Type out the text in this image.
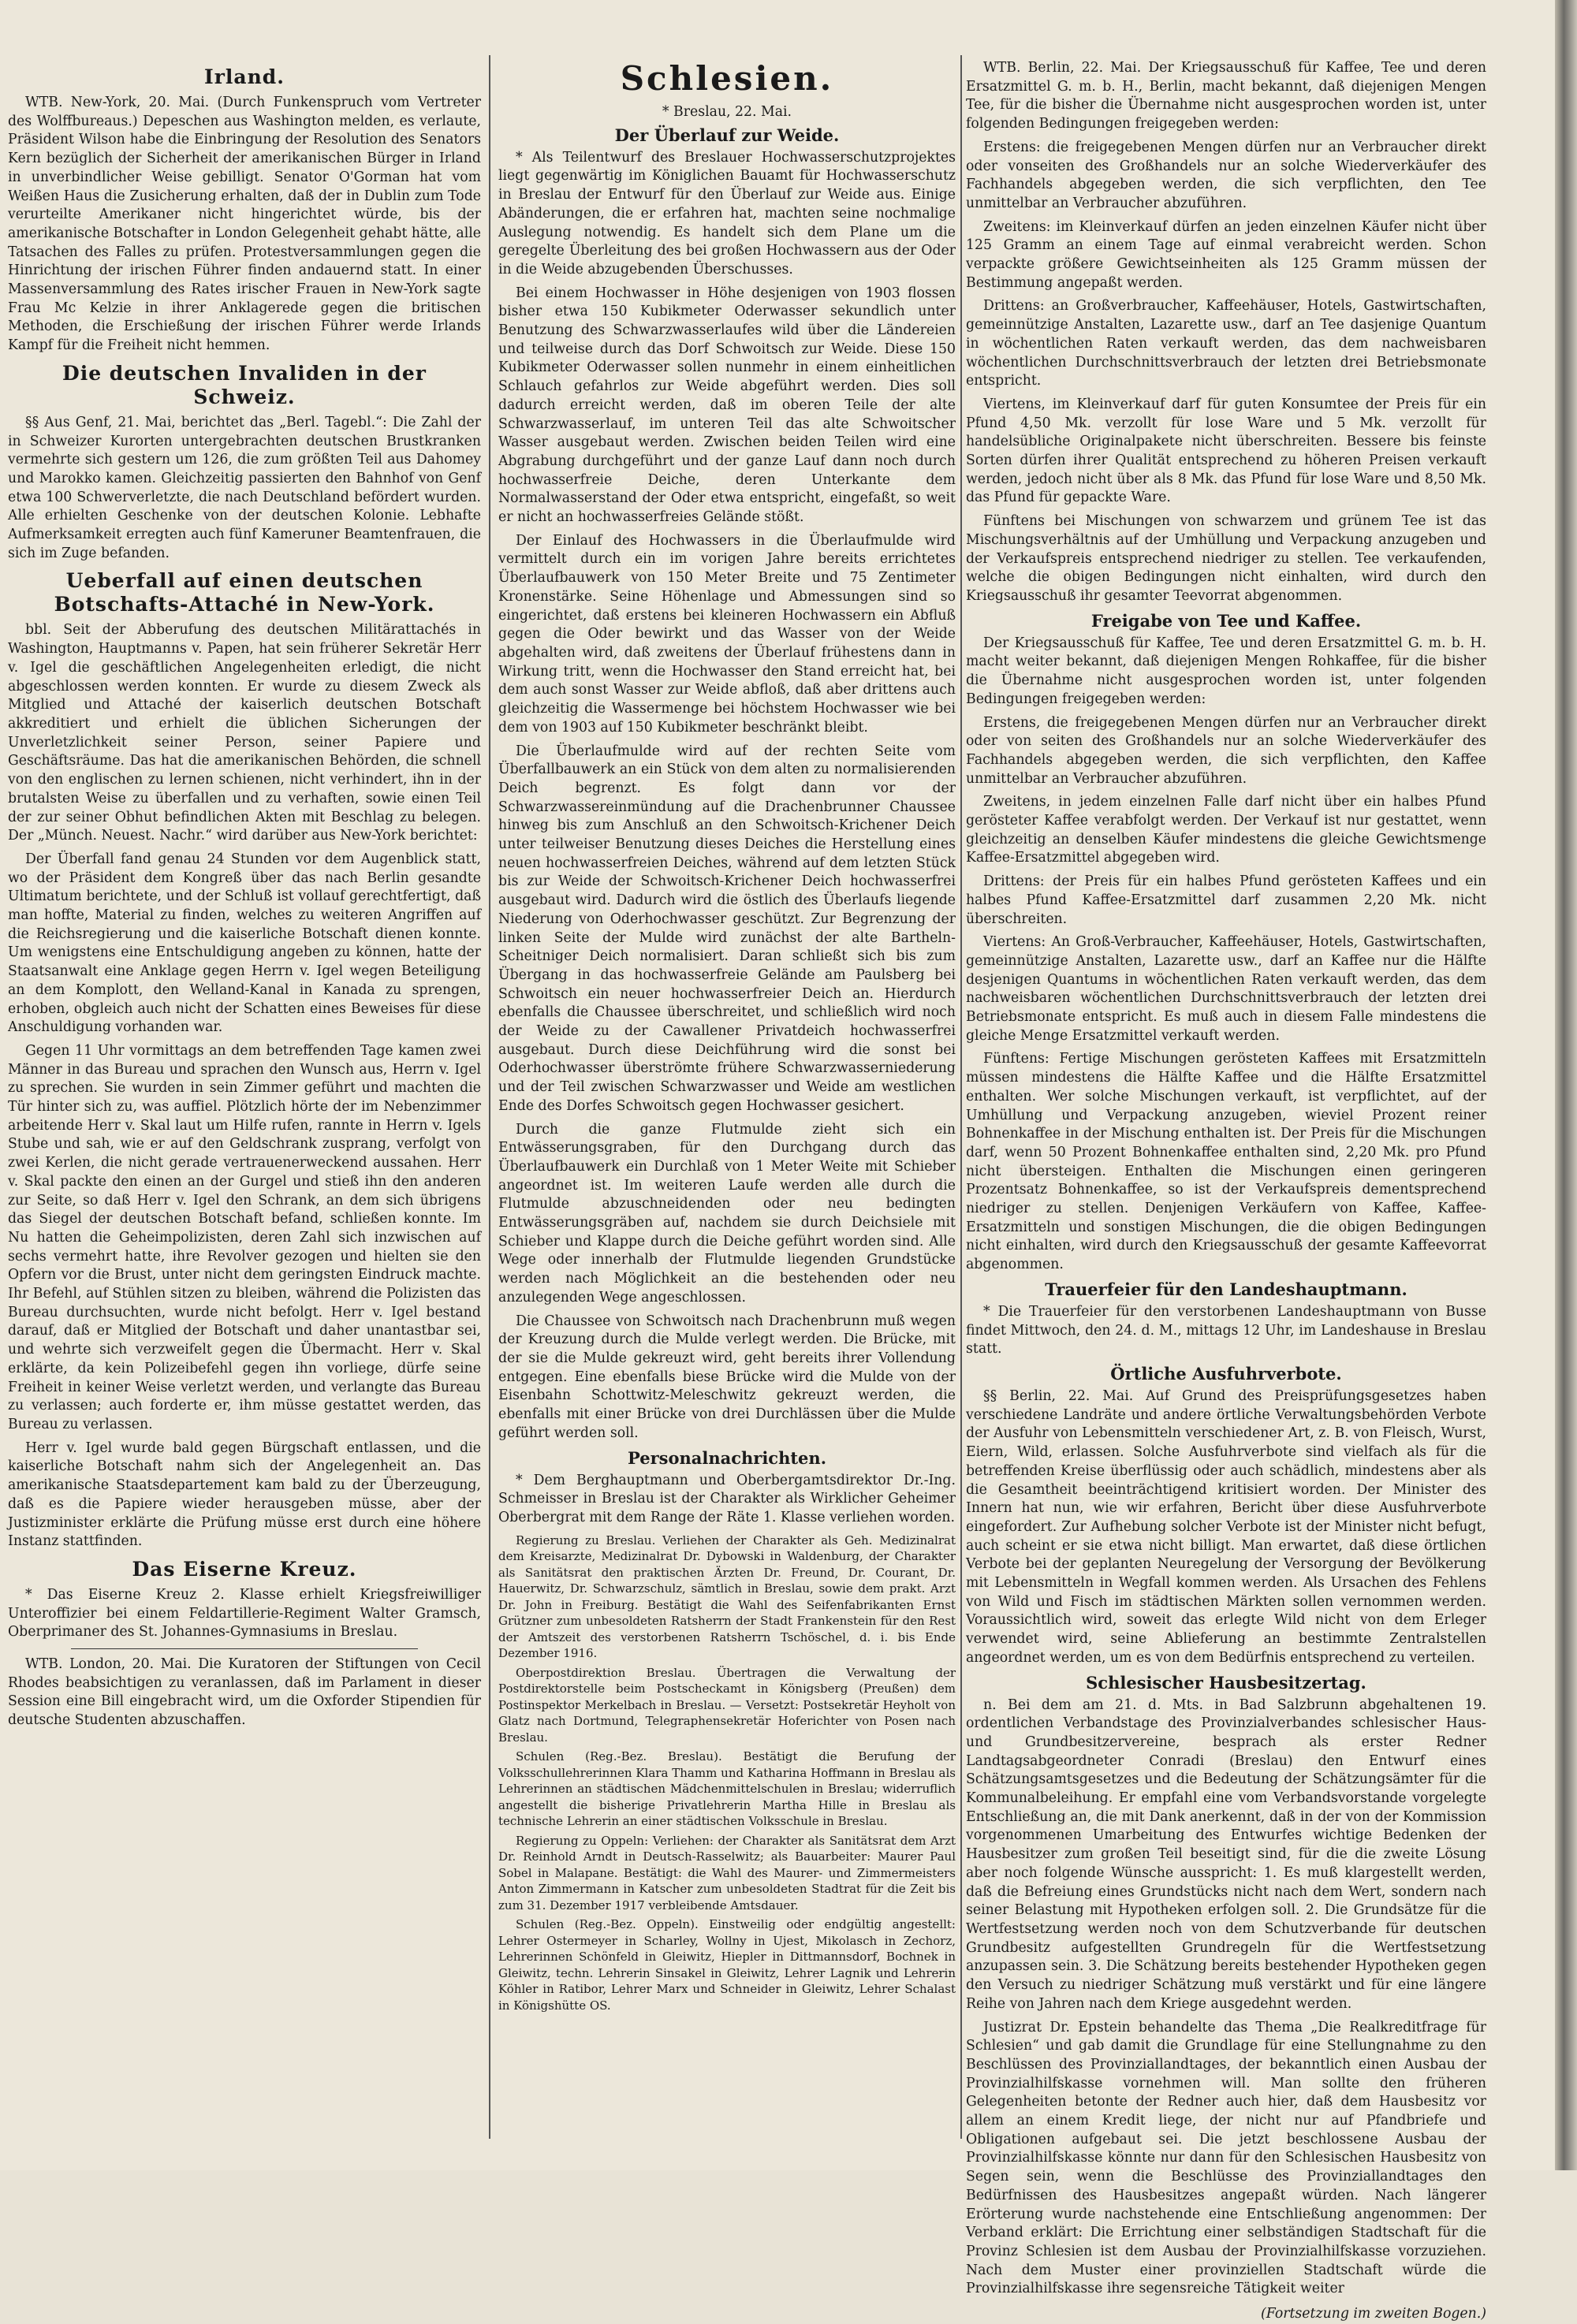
Irland.

WTB. New-York, 20. Mai. (Durch Funkenspruch vom Vertreter des Wolffbureaus.) Depeschen aus Washington melden, es verlaute, Präsident Wilson habe die Einbringung der Resolution des Senators Kern bezüglich der Sicherheit der amerikanischen Bürger in Irland in unverbindlicher Weise gebilligt. Senator O'Gorman hat vom Weißen Haus die Zusicherung erhalten, daß der in Dublin zum Tode verurteilte Amerikaner nicht hingerichtet würde, bis der amerikanische Botschafter in London Gelegenheit gehabt hätte, alle Tatsachen des Falles zu prüfen. Protestversammlungen gegen die Hinrichtung der irischen Führer finden andauernd statt. In einer Massenversammlung des Rates irischer Frauen in New-York sagte Frau Mc Kelzie in ihrer Anklagerede gegen die britischen Methoden, die Erschießung der irischen Führer werde Irlands Kampf für die Freiheit nicht hemmen.

Die deutschen Invaliden in der Schweiz.

§§ Aus Genf, 21. Mai, berichtet das „Berl. Tagebl.“: Die Zahl der in Schweizer Kurorten untergebrachten deutschen Brustkranken vermehrte sich gestern um 126, die zum größten Teil aus Dahomey und Marokko kamen. Gleichzeitig passierten den Bahnhof von Genf etwa 100 Schwerverletzte, die nach Deutschland befördert wurden. Alle erhielten Geschenke von der deutschen Kolonie. Lebhafte Aufmerksamkeit erregten auch fünf Kameruner Beamtenfrauen, die sich im Zuge befanden.

Ueberfall auf einen deutschen Botschafts-Attaché in New-York.

bbl. Seit der Abberufung des deutschen Militärattachés in Washington, Hauptmanns v. Papen, hat sein früherer Sekretär Herr v. Igel die geschäftlichen Angelegenheiten erledigt, die nicht abgeschlossen werden konnten. Er wurde zu diesem Zweck als Mitglied und Attaché der kaiserlich deutschen Botschaft akkreditiert und erhielt die üblichen Sicherungen der Unverletzlichkeit seiner Person, seiner Papiere und Geschäftsräume. Das hat die amerikanischen Behörden, die schnell von den englischen zu lernen schienen, nicht verhindert, ihn in der brutalsten Weise zu überfallen und zu verhaften, sowie einen Teil der zur seiner Obhut befindlichen Akten mit Beschlag zu belegen. Der „Münch. Neuest. Nachr.“ wird darüber aus New-York berichtet:

Der Überfall fand genau 24 Stunden vor dem Augenblick statt, wo der Präsident dem Kongreß über das nach Berlin gesandte Ultimatum berichtete, und der Schluß ist vollauf gerechtfertigt, daß man hoffte, Material zu finden, welches zu weiteren Angriffen auf die Reichsregierung und die kaiserliche Botschaft dienen konnte. Um wenigstens eine Entschuldigung angeben zu können, hatte der Staatsanwalt eine Anklage gegen Herrn v. Igel wegen Beteiligung an dem Komplott, den Welland-Kanal in Kanada zu sprengen, erhoben, obgleich auch nicht der Schatten eines Beweises für diese Anschuldigung vorhanden war.

Gegen 11 Uhr vormittags an dem betreffenden Tage kamen zwei Männer in das Bureau und sprachen den Wunsch aus, Herrn v. Igel zu sprechen. Sie wurden in sein Zimmer geführt und machten die Tür hinter sich zu, was auffiel. Plötzlich hörte der im Nebenzimmer arbeitende Herr v. Skal laut um Hilfe rufen, rannte in Herrn v. Igels Stube und sah, wie er auf den Geldschrank zusprang, verfolgt von zwei Kerlen, die nicht gerade vertrauenerweckend aussahen. Herr v. Skal packte den einen an der Gurgel und stieß ihn den anderen zur Seite, so daß Herr v. Igel den Schrank, an dem sich übrigens das Siegel der deutschen Botschaft befand, schließen konnte. Im Nu hatten die Geheimpolizisten, deren Zahl sich inzwischen auf sechs vermehrt hatte, ihre Revolver gezogen und hielten sie den Opfern vor die Brust, unter nicht dem geringsten Eindruck machte. Ihr Befehl, auf Stühlen sitzen zu bleiben, während die Polizisten das Bureau durchsuchten, wurde nicht befolgt. Herr v. Igel bestand darauf, daß er Mitglied der Botschaft und daher unantastbar sei, und wehrte sich verzweifelt gegen die Übermacht. Herr v. Skal erklärte, da kein Polizeibefehl gegen ihn vorliege, dürfe seine Freiheit in keiner Weise verletzt werden, und verlangte das Bureau zu verlassen; auch forderte er, ihm müsse gestattet werden, das Bureau zu verlassen.

Herr v. Igel wurde bald gegen Bürgschaft entlassen, und die kaiserliche Botschaft nahm sich der Angelegenheit an. Das amerikanische Staatsdepartement kam bald zu der Überzeugung, daß es die Papiere wieder herausgeben müsse, aber der Justizminister erklärte die Prüfung müsse erst durch eine höhere Instanz stattfinden.

Das Eiserne Kreuz.

* Das Eiserne Kreuz 2. Klasse erhielt Kriegsfreiwilliger Unteroffizier bei einem Feldartillerie-Regiment Walter Gramsch, Oberprimaner des St. Johannes-Gymnasiums in Breslau.

WTB. London, 20. Mai. Die Kuratoren der Stiftungen von Cecil Rhodes beabsichtigen zu veranlassen, daß im Parlament in dieser Session eine Bill eingebracht wird, um die Oxforder Stipendien für deutsche Studenten abzuschaffen.

Schlesien.
* Breslau, 22. Mai.
Der Überlauf zur Weide.

* Als Teilentwurf des Breslauer Hochwasserschutzprojektes liegt gegenwärtig im Königlichen Bauamt für Hochwasserschutz in Breslau der Entwurf für den Überlauf zur Weide aus. Einige Abänderungen, die er erfahren hat, machten seine nochmalige Auslegung notwendig. Es handelt sich dem Plane um die geregelte Überleitung des bei großen Hochwassern aus der Oder in die Weide abzugebenden Überschusses.

Bei einem Hochwasser in Höhe desjenigen von 1903 flossen bisher etwa 150 Kubikmeter Oderwasser sekundlich unter Benutzung des Schwarzwasserlaufes wild über die Ländereien und teilweise durch das Dorf Schwoitsch zur Weide. Diese 150 Kubikmeter Oderwasser sollen nunmehr in einem einheitlichen Schlauch gefahrlos zur Weide abgeführt werden. Dies soll dadurch erreicht werden, daß im oberen Teile der alte Schwarzwasserlauf, im unteren Teil das alte Schwoitscher Wasser ausgebaut werden. Zwischen beiden Teilen wird eine Abgrabung durchgeführt und der ganze Lauf dann noch durch hochwasserfreie Deiche, deren Unterkante dem Normalwasserstand der Oder etwa entspricht, eingefaßt, so weit er nicht an hochwasserfreies Gelände stößt.

Der Einlauf des Hochwassers in die Überlaufmulde wird vermittelt durch ein im vorigen Jahre bereits errichtetes Überlaufbauwerk von 150 Meter Breite und 75 Zentimeter Kronenstärke. Seine Höhenlage und Abmessungen sind so eingerichtet, daß erstens bei kleineren Hochwassern ein Abfluß gegen die Oder bewirkt und das Wasser von der Weide abgehalten wird, daß zweitens der Überlauf frühestens dann in Wirkung tritt, wenn die Hochwasser den Stand erreicht hat, bei dem auch sonst Wasser zur Weide abfloß, daß aber drittens auch gleichzeitig die Wassermenge bei höchstem Hochwasser wie bei dem von 1903 auf 150 Kubikmeter beschränkt bleibt.

Die Überlaufmulde wird auf der rechten Seite vom Überfallbauwerk an ein Stück von dem alten zu normalisierenden Deich begrenzt. Es folgt dann vor der Schwarzwassereinmündung auf die Drachenbrunner Chaussee hinweg bis zum Anschluß an den Schwoitsch-Krichener Deich unter teilweiser Benutzung dieses Deiches die Herstellung eines neuen hochwasserfreien Deiches, während auf dem letzten Stück bis zur Weide der Schwoitsch-Krichener Deich hochwasserfrei ausgebaut wird. Dadurch wird die östlich des Überlaufs liegende Niederung von Oderhochwasser geschützt. Zur Begrenzung der linken Seite der Mulde wird zunächst der alte Bartheln-Scheitniger Deich normalisiert. Daran schließt sich bis zum Übergang in das hochwasserfreie Gelände am Paulsberg bei Schwoitsch ein neuer hochwasserfreier Deich an. Hierdurch ebenfalls die Chaussee überschreitet, und schließlich wird noch der Weide zu der Cawallener Privatdeich hochwasserfrei ausgebaut. Durch diese Deichführung wird die sonst bei Oderhochwasser überströmte frühere Schwarzwasserniederung und der Teil zwischen Schwarzwasser und Weide am westlichen Ende des Dorfes Schwoitsch gegen Hochwasser gesichert.

Durch die ganze Flutmulde zieht sich ein Entwässerungsgraben, für den Durchgang durch das Überlaufbauwerk ein Durchlaß von 1 Meter Weite mit Schieber angeordnet ist. Im weiteren Laufe werden alle durch die Flutmulde abzuschneidenden oder neu bedingten Entwässerungsgräben auf, nachdem sie durch Deichsiele mit Schieber und Klappe durch die Deiche geführt worden sind. Alle Wege oder innerhalb der Flutmulde liegenden Grundstücke werden nach Möglichkeit an die bestehenden oder neu anzulegenden Wege angeschlossen.

Die Chaussee von Schwoitsch nach Drachenbrunn muß wegen der Kreuzung durch die Mulde verlegt werden. Die Brücke, mit der sie die Mulde gekreuzt wird, geht bereits ihrer Vollendung entgegen. Eine ebenfalls biese Brücke wird die Mulde von der Eisenbahn Schottwitz-Meleschwitz gekreuzt werden, die ebenfalls mit einer Brücke von drei Durchlässen über die Mulde geführt werden soll.

Personalnachrichten.

* Dem Berghauptmann und Oberbergamtsdirektor Dr.-Ing. Schmeisser in Breslau ist der Charakter als Wirklicher Geheimer Oberbergrat mit dem Range der Räte 1. Klasse verliehen worden.

Regierung zu Breslau. Verliehen der Charakter als Geh. Medizinalrat dem Kreisarzte, Medizinalrat Dr. Dybowski in Waldenburg, der Charakter als Sanitätsrat den praktischen Ärzten Dr. Freund, Dr. Courant, Dr. Hauerwitz, Dr. Schwarzschulz, sämtlich in Breslau, sowie dem prakt. Arzt Dr. John in Freiburg. Bestätigt die Wahl des Seifenfabrikanten Ernst Grützner zum unbesoldeten Ratsherrn der Stadt Frankenstein für den Rest der Amtszeit des verstorbenen Ratsherrn Tschöschel, d. i. bis Ende Dezember 1916.

Oberpostdirektion Breslau. Übertragen die Verwaltung der Postdirektorstelle beim Postscheckamt in Königsberg (Preußen) dem Postinspektor Merkelbach in Breslau. — Versetzt: Postsekretär Heyholt von Glatz nach Dortmund, Telegraphensekretär Hoferichter von Posen nach Breslau.

Schulen (Reg.-Bez. Breslau). Bestätigt die Berufung der Volksschullehrerinnen Klara Thamm und Katharina Hoffmann in Breslau als Lehrerinnen an städtischen Mädchenmittelschulen in Breslau; widerruflich angestellt die bisherige Privatlehrerin Martha Hille in Breslau als technische Lehrerin an einer städtischen Volksschule in Breslau.

Regierung zu Oppeln: Verliehen: der Charakter als Sanitätsrat dem Arzt Dr. Reinhold Arndt in Deutsch-Rasselwitz; als Bauarbeiter: Maurer Paul Sobel in Malapane. Bestätigt: die Wahl des Maurer- und Zimmermeisters Anton Zimmermann in Katscher zum unbesoldeten Stadtrat für die Zeit bis zum 31. Dezember 1917 verbleibende Amtsdauer.

Schulen (Reg.-Bez. Oppeln). Einstweilig oder endgültig angestellt: Lehrer Ostermeyer in Scharley, Wollny in Ujest, Mikolasch in Zechorz, Lehrerinnen Schönfeld in Gleiwitz, Hiepler in Dittmannsdorf, Bochnek in Gleiwitz, techn. Lehrerin Sinsakel in Gleiwitz, Lehrer Lagnik und Lehrerin Köhler in Ratibor, Lehrer Marx und Schneider in Gleiwitz, Lehrer Schalast in Königshütte OS.

WTB. Berlin, 22. Mai. Der Kriegsausschuß für Kaffee, Tee und deren Ersatzmittel G. m. b. H., Berlin, macht bekannt, daß diejenigen Mengen Tee, für die bisher die Übernahme nicht ausgesprochen worden ist, unter folgenden Bedingungen freigegeben werden:

Erstens: die freigegebenen Mengen dürfen nur an Verbraucher direkt oder vonseiten des Großhandels nur an solche Wiederverkäufer des Fachhandels abgegeben werden, die sich verpflichten, den Tee unmittelbar an Verbraucher abzuführen.

Zweitens: im Kleinverkauf dürfen an jeden einzelnen Käufer nicht über 125 Gramm an einem Tage auf einmal verabreicht werden. Schon verpackte größere Gewichtseinheiten als 125 Gramm müssen der Bestimmung angepaßt werden.

Drittens: an Großverbraucher, Kaffeehäuser, Hotels, Gastwirtschaften, gemeinnützige Anstalten, Lazarette usw., darf an Tee dasjenige Quantum in wöchentlichen Raten verkauft werden, das dem nachweisbaren wöchentlichen Durchschnittsverbrauch der letzten drei Betriebsmonate entspricht.

Viertens, im Kleinverkauf darf für guten Konsumtee der Preis für ein Pfund 4,50 Mk. verzollt für lose Ware und 5 Mk. verzollt für handelsübliche Originalpakete nicht überschreiten. Bessere bis feinste Sorten dürfen ihrer Qualität entsprechend zu höheren Preisen verkauft werden, jedoch nicht über als 8 Mk. das Pfund für lose Ware und 8,50 Mk. das Pfund für gepackte Ware.

Fünftens bei Mischungen von schwarzem und grünem Tee ist das Mischungsverhältnis auf der Umhüllung und Verpackung anzugeben und der Verkaufspreis entsprechend niedriger zu stellen. Tee verkaufenden, welche die obigen Bedingungen nicht einhalten, wird durch den Kriegsausschuß ihr gesamter Teevorrat abgenommen.

Freigabe von Tee und Kaffee.

Der Kriegsausschuß für Kaffee, Tee und deren Ersatzmittel G. m. b. H. macht weiter bekannt, daß diejenigen Mengen Rohkaffee, für die bisher die Übernahme nicht ausgesprochen worden ist, unter folgenden Bedingungen freigegeben werden:

Erstens, die freigegebenen Mengen dürfen nur an Verbraucher direkt oder von seiten des Großhandels nur an solche Wiederverkäufer des Fachhandels abgegeben werden, die sich verpflichten, den Kaffee unmittelbar an Verbraucher abzuführen.

Zweitens, in jedem einzelnen Falle darf nicht über ein halbes Pfund gerösteter Kaffee verabfolgt werden. Der Verkauf ist nur gestattet, wenn gleichzeitig an denselben Käufer mindestens die gleiche Gewichtsmenge Kaffee-Ersatzmittel abgegeben wird.

Drittens: der Preis für ein halbes Pfund gerösteten Kaffees und ein halbes Pfund Kaffee-Ersatzmittel darf zusammen 2,20 Mk. nicht überschreiten.

Viertens: An Groß-Verbraucher, Kaffeehäuser, Hotels, Gastwirtschaften, gemeinnützige Anstalten, Lazarette usw., darf an Kaffee nur die Hälfte desjenigen Quantums in wöchentlichen Raten verkauft werden, das dem nachweisbaren wöchentlichen Durchschnittsverbrauch der letzten drei Betriebsmonate entspricht. Es muß auch in diesem Falle mindestens die gleiche Menge Ersatzmittel verkauft werden.

Fünftens: Fertige Mischungen gerösteten Kaffees mit Ersatzmitteln müssen mindestens die Hälfte Kaffee und die Hälfte Ersatzmittel enthalten. Wer solche Mischungen verkauft, ist verpflichtet, auf der Umhüllung und Verpackung anzugeben, wieviel Prozent reiner Bohnenkaffee in der Mischung enthalten ist. Der Preis für die Mischungen darf, wenn 50 Prozent Bohnenkaffee enthalten sind, 2,20 Mk. pro Pfund nicht übersteigen. Enthalten die Mischungen einen geringeren Prozentsatz Bohnenkaffee, so ist der Verkaufspreis dementsprechend niedriger zu stellen. Denjenigen Verkäufern von Kaffee, Kaffee-Ersatzmitteln und sonstigen Mischungen, die die obigen Bedingungen nicht einhalten, wird durch den Kriegsausschuß der gesamte Kaffeevorrat abgenommen.

Trauerfeier für den Landeshauptmann.

* Die Trauerfeier für den verstorbenen Landeshauptmann von Busse findet Mittwoch, den 24. d. M., mittags 12 Uhr, im Landeshause in Breslau statt.

Örtliche Ausfuhrverbote.

§§ Berlin, 22. Mai. Auf Grund des Preisprüfungsgesetzes haben verschiedene Landräte und andere örtliche Verwaltungsbehörden Verbote der Ausfuhr von Lebensmitteln verschiedener Art, z. B. von Fleisch, Wurst, Eiern, Wild, erlassen. Solche Ausfuhrverbote sind vielfach als für die betreffenden Kreise überflüssig oder auch schädlich, mindestens aber als die Gesamtheit beeinträchtigend kritisiert worden. Der Minister des Innern hat nun, wie wir erfahren, Bericht über diese Ausfuhrverbote eingefordert. Zur Aufhebung solcher Verbote ist der Minister nicht befugt, auch scheint er sie etwa nicht billigt. Man erwartet, daß diese örtlichen Verbote bei der geplanten Neuregelung der Versorgung der Bevölkerung mit Lebensmitteln in Wegfall kommen werden. Als Ursachen des Fehlens von Wild und Fisch im städtischen Märkten sollen vernommen werden. Voraussichtlich wird, soweit das erlegte Wild nicht von dem Erleger verwendet wird, seine Ablieferung an bestimmte Zentralstellen angeordnet werden, um es von dem Bedürfnis entsprechend zu verteilen.

Schlesischer Hausbesitzertag.

n. Bei dem am 21. d. Mts. in Bad Salzbrunn abgehaltenen 19. ordentlichen Verbandstage des Provinzialverbandes schlesischer Haus- und Grundbesitzervereine, besprach als erster Redner Landtagsabgeordneter Conradi (Breslau) den Entwurf eines Schätzungsamtsgesetzes und die Bedeutung der Schätzungsämter für die Kommunalbeleihung. Er empfahl eine vom Verbandsvorstande vorgelegte Entschließung an, die mit Dank anerkennt, daß in der von der Kommission vorgenommenen Umarbeitung des Entwurfes wichtige Bedenken der Hausbesitzer zum großen Teil beseitigt sind, für die die zweite Lösung aber noch folgende Wünsche ausspricht: 1. Es muß klargestellt werden, daß die Befreiung eines Grundstücks nicht nach dem Wert, sondern nach seiner Belastung mit Hypotheken erfolgen soll. 2. Die Grundsätze für die Wertfestsetzung werden noch von dem Schutzverbande für deutschen Grundbesitz aufgestellten Grundregeln für die Wertfestsetzung anzupassen sein. 3. Die Schätzung bereits bestehender Hypotheken gegen den Versuch zu niedriger Schätzung muß verstärkt und für eine längere Reihe von Jahren nach dem Kriege ausgedehnt werden.

Justizrat Dr. Epstein behandelte das Thema „Die Realkreditfrage für Schlesien“ und gab damit die Grundlage für eine Stellungnahme zu den Beschlüssen des Provinziallandtages, der bekanntlich einen Ausbau der Provinzialhilfskasse vornehmen will. Man sollte den früheren Gelegenheiten betonte der Redner auch hier, daß dem Hausbesitz vor allem an einem Kredit liege, der nicht nur auf Pfandbriefe und Obligationen aufgebaut sei. Die jetzt beschlossene Ausbau der Provinzialhilfskasse könnte nur dann für den Schlesischen Hausbesitz von Segen sein, wenn die Beschlüsse des Provinziallandtages den Bedürfnissen des Hausbesitzes angepaßt würden. Nach längerer Erörterung wurde nachstehende eine Entschließung angenommen: Der Verband erklärt: Die Errichtung einer selbständigen Stadtschaft für die Provinz Schlesien ist dem Ausbau der Provinzialhilfskasse vorzuziehen. Nach dem Muster einer provinziellen Stadtschaft würde die Provinzialhilfskasse ihre segensreiche Tätigkeit weiter

(Fortsetzung im zweiten Bogen.)
